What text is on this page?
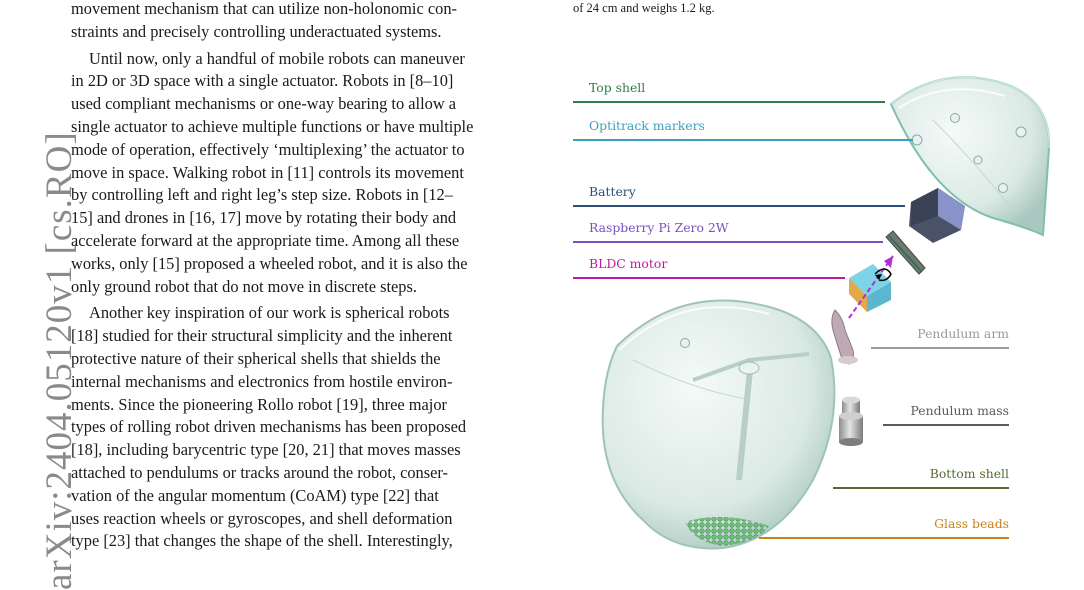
arXiv:2404.05120v1 [cs.RO]

movement mechanism that can utilize non-holonomic con-
straints and precisely controlling underactuated systems.

Until now, only a handful of mobile robots can maneuver
in 2D or 3D space with a single actuator. Robots in [8–10]
used compliant mechanisms or one-way bearing to allow a
single actuator to achieve multiple functions or have multiple
mode of operation, effectively ‘multiplexing’ the actuator to
move in space. Walking robot in [11] controls its movement
by controlling left and right leg’s step size. Robots in [12–
15] and drones in [16, 17] move by rotating their body and
accelerate forward at the appropriate time. Among all these
works, only [15] proposed a wheeled robot, and it is also the
only ground robot that do not move in discrete steps.

Another key inspiration of our work is spherical robots
[18] studied for their structural simplicity and the inherent
protective nature of their spherical shells that shields the
internal mechanisms and electronics from hostile environ-
ments. Since the pioneering Rollo robot [19], three major
types of rolling robot driven mechanisms has been proposed
[18], including barycentric type [20, 21] that moves masses
attached to pendulums or tracks around the robot, conser-
vation of the angular momentum (CoAM) type [22] that
uses reaction wheels or gyroscopes, and shell deformation
type [23] that changes the shape of the shell. Interestingly,

of 24 cm and weighs 1.2 kg.
Top shell
Optitrack markers
Battery
Raspberry Pi Zero 2W
BLDC motor
Pendulum arm
Pendulum mass
Bottom shell
Glass beads
